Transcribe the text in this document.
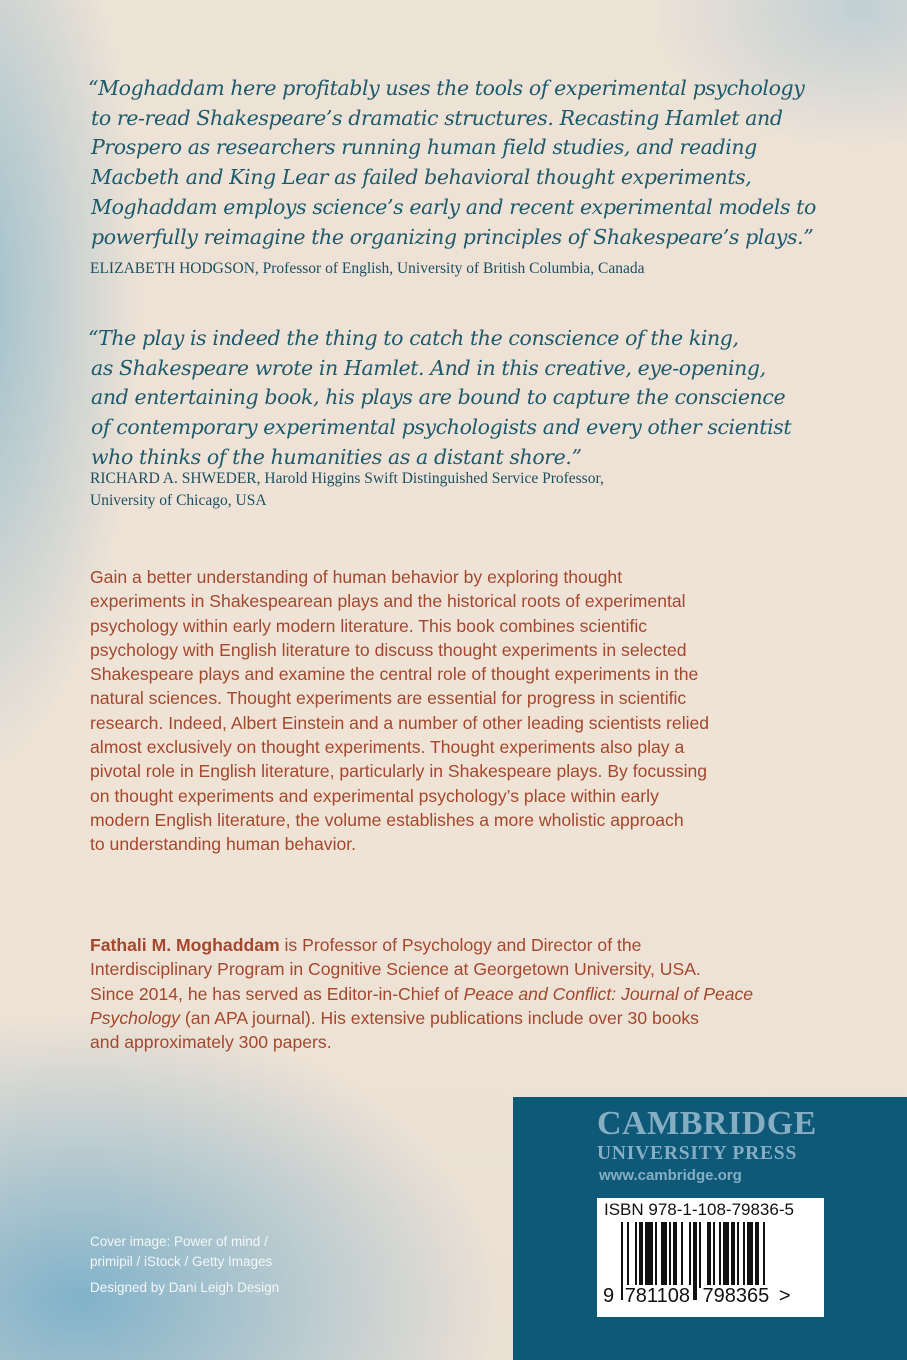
“Moghaddam here profitably uses the tools of experimental psychology
to re-read Shakespeare’s dramatic structures. Recasting Hamlet and
Prospero as researchers running human field studies, and reading
Macbeth and King Lear as failed behavioral thought experiments,
Moghaddam employs science’s early and recent experimental models to
powerfully reimagine the organizing principles of Shakespeare’s plays.”
ELIZABETH HODGSON, Professor of English, University of British Columbia, Canada
“The play is indeed the thing to catch the conscience of the king,
as Shakespeare wrote in Hamlet. And in this creative, eye-opening,
and entertaining book, his plays are bound to capture the conscience
of contemporary experimental psychologists and every other scientist
who thinks of the humanities as a distant shore.”
RICHARD A. SHWEDER, Harold Higgins Swift Distinguished Service Professor,
University of Chicago, USA
Gain a better understanding of human behavior by exploring thought
experiments in Shakespearean plays and the historical roots of experimental
psychology within early modern literature. This book combines scientific
psychology with English literature to discuss thought experiments in selected
Shakespeare plays and examine the central role of thought experiments in the
natural sciences. Thought experiments are essential for progress in scientific
research. Indeed, Albert Einstein and a number of other leading scientists relied
almost exclusively on thought experiments. Thought experiments also play a
pivotal role in English literature, particularly in Shakespeare plays. By focussing
on thought experiments and experimental psychology’s place within early
modern English literature, the volume establishes a more wholistic approach
to understanding human behavior.
Fathali M. Moghaddam is Professor of Psychology and Director of the
Interdisciplinary Program in Cognitive Science at Georgetown University, USA.
Since 2014, he has served as Editor-in-Chief of Peace and Conflict: Journal of Peace
Psychology (an APA journal). His extensive publications include over 30 books
and approximately 300 papers.
Cover image: Power of mind /
primipil / iStock / Getty Images
Designed by Dani Leigh Design
CAMBRIDGE
UNIVERSITY PRESS
www.cambridge.org
ISBN 978-1-108-79836-5
9 781108 798365 >
